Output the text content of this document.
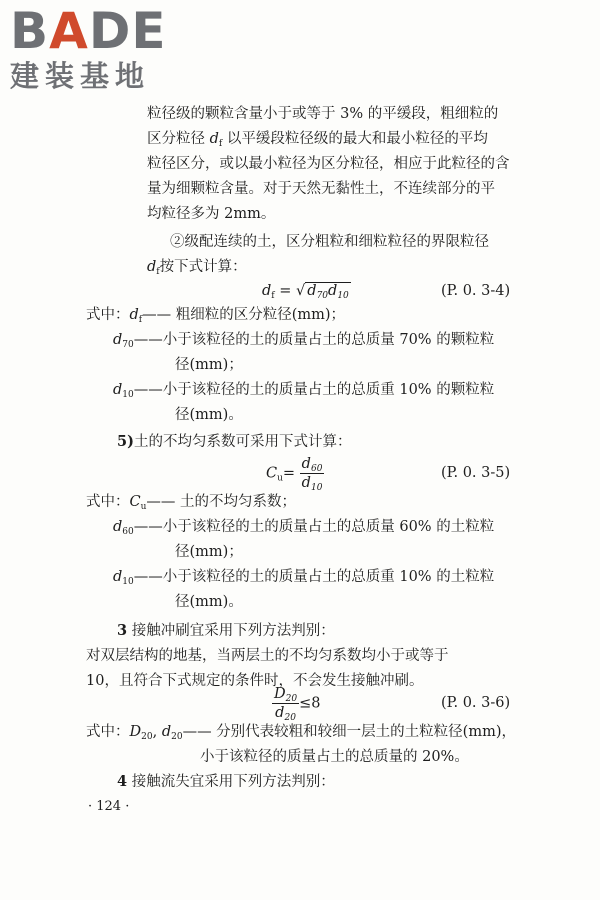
BADE
建装基地
粒径级的颗粒含量小于或等于 3% 的平缓段，粗细粒的
区分粒径 $d_f$ 以平缓段粒径级的最大和最小粒径的平均
粒径区分，或以最小粒径为区分粒径，相应于此粒径的含
量为细颗粒含量。对于天然无黏性土，不连续部分的平
均粒径多为 2mm。
②级配连续的土，区分粗粒和细粒粒径的界限粒径
$d_f$按下式计算：
$d_f$ = √ $d_{70}d_{10}$	(P. 0. 3-4)
式中：$d_f——$ 粗细粒的区分粒径(mm)；
$d_{70}——$小于该粒径的土的质量占土的总质量 70% 的颗粒粒
径(mm)；
$d_{10}——$小于该粒径的土的质量占土的总质重 10% 的颗粒粒
径(mm)。
5)土的不均匀系数可采用下式计算：
$C_u= \frac{d_{60}}{d_{10}}$	(P. 0. 3-5)
式中：$C_u——$ 土的不均匀系数；
$d_{60}——$小于该粒径的土的质量占土的总质量 60% 的土粒粒
径(mm)；
$d_{10}——$小于该粒径的土的质量占土的总质重 10% 的土粒粒
径(mm)。
3 接触冲刷宜采用下列方法判别：
对双层结构的地基，当两层土的不均匀系数均小于或等于
10，且符合下式规定的条件时，不会发生接触冲刷。
$\frac{D_{20}}{d_{20}} \le 8$	(P. 0. 3-6)
式中：$D_{20}$, $d_{20}——$ 分别代表较粗和较细一层土的土粒粒径(mm)，
小于该粒径的质量占土的总质量的 20%。
4 接触流失宜采用下列方法判别：
· 124 ·
